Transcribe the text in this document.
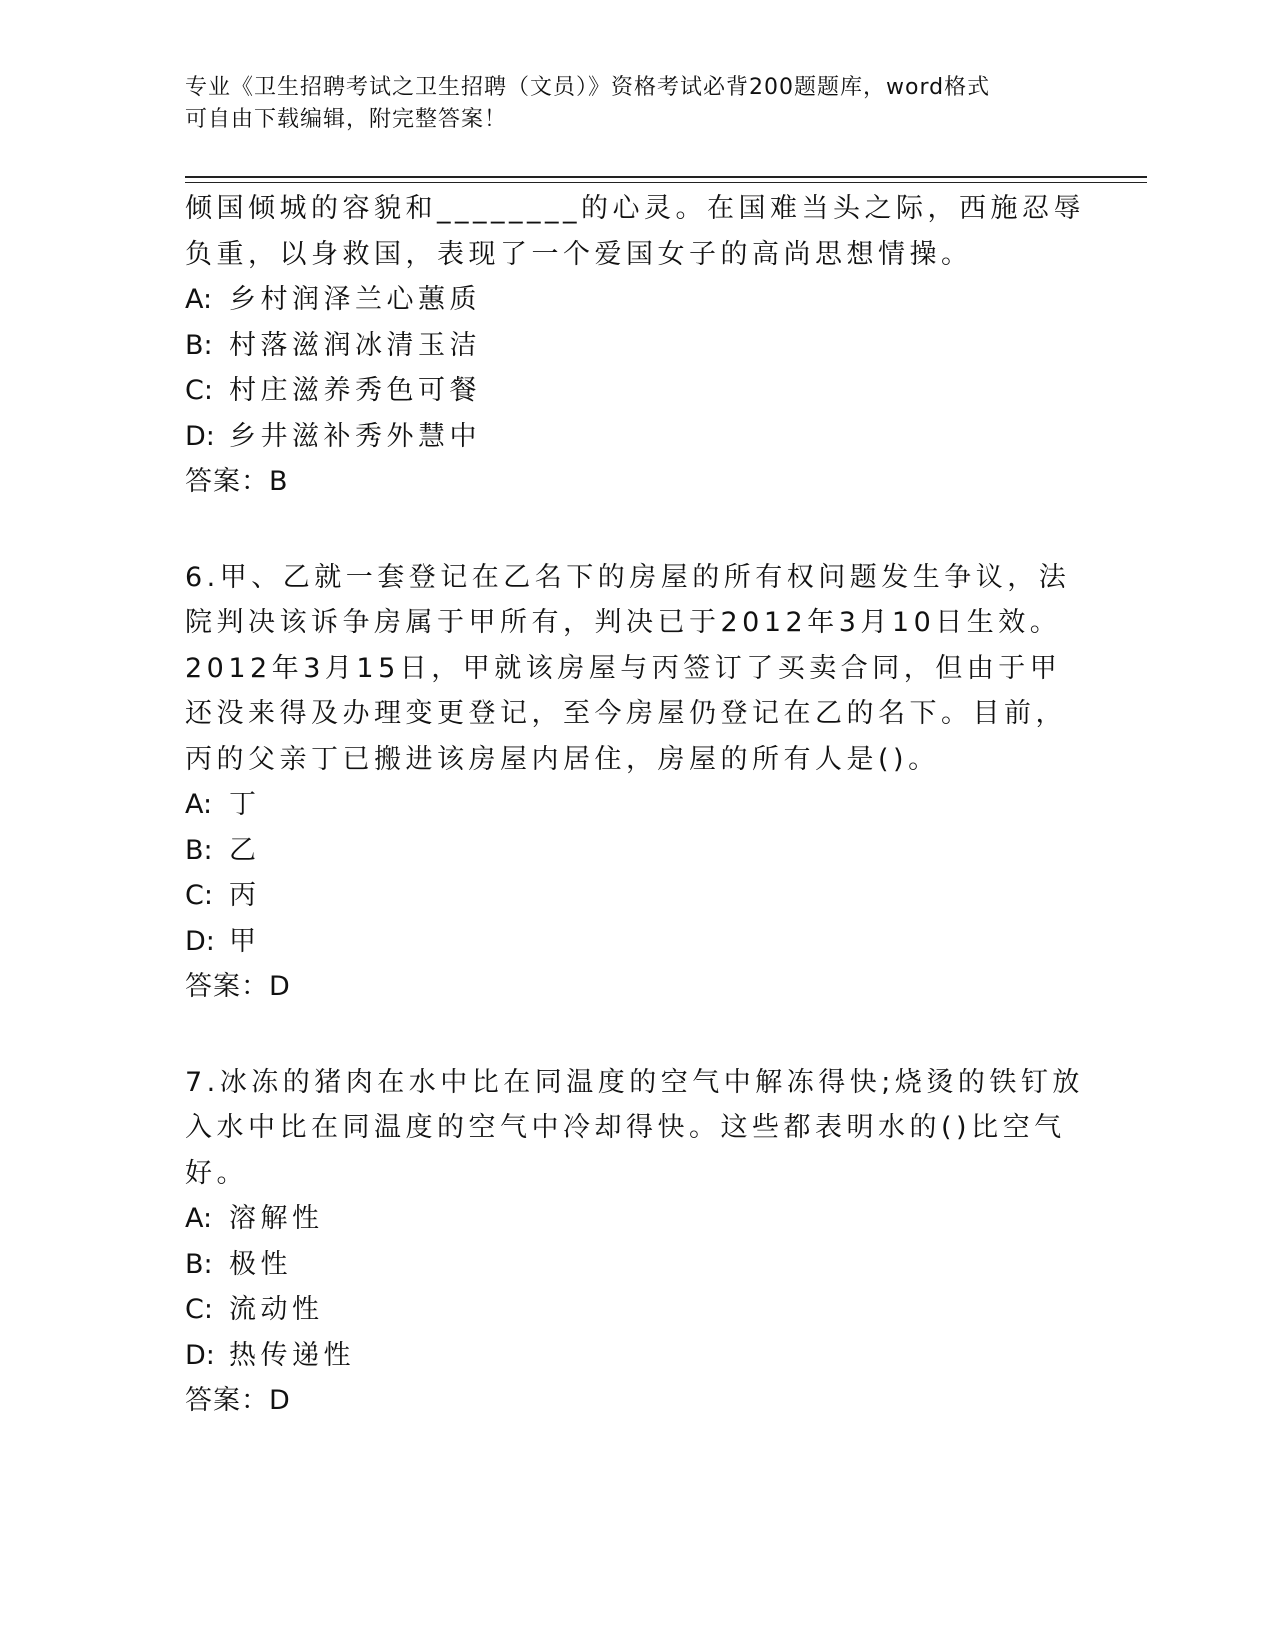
专业《卫生招聘考试之卫生招聘（文员）》资格考试必背200题题库，word格式
可自由下载编辑，附完整答案！

倾国倾城的容貌和________的心灵。在国难当头之际，西施忍辱负重，以身救国，表现了一个爱国女子的高尚思想情操。

A: 乡村润泽兰心蕙质

B: 村落滋润冰清玉洁

C: 村庄滋养秀色可餐

D: 乡井滋补秀外慧中

答案：B

6.甲、乙就一套登记在乙名下的房屋的所有权问题发生争议，法院判决该诉争房属于甲所有，判决已于2012年3月10日生效。2012年3月15日，甲就该房屋与丙签订了买卖合同，但由于甲还没来得及办理变更登记，至今房屋仍登记在乙的名下。目前，丙的父亲丁已搬进该房屋内居住，房屋的所有人是()。

A: 丁

B: 乙

C: 丙

D: 甲

答案：D

7.冰冻的猪肉在水中比在同温度的空气中解冻得快;烧烫的铁钉放入水中比在同温度的空气中冷却得快。这些都表明水的()比空气好。

A: 溶解性

B: 极性

C: 流动性

D: 热传递性

答案：D
